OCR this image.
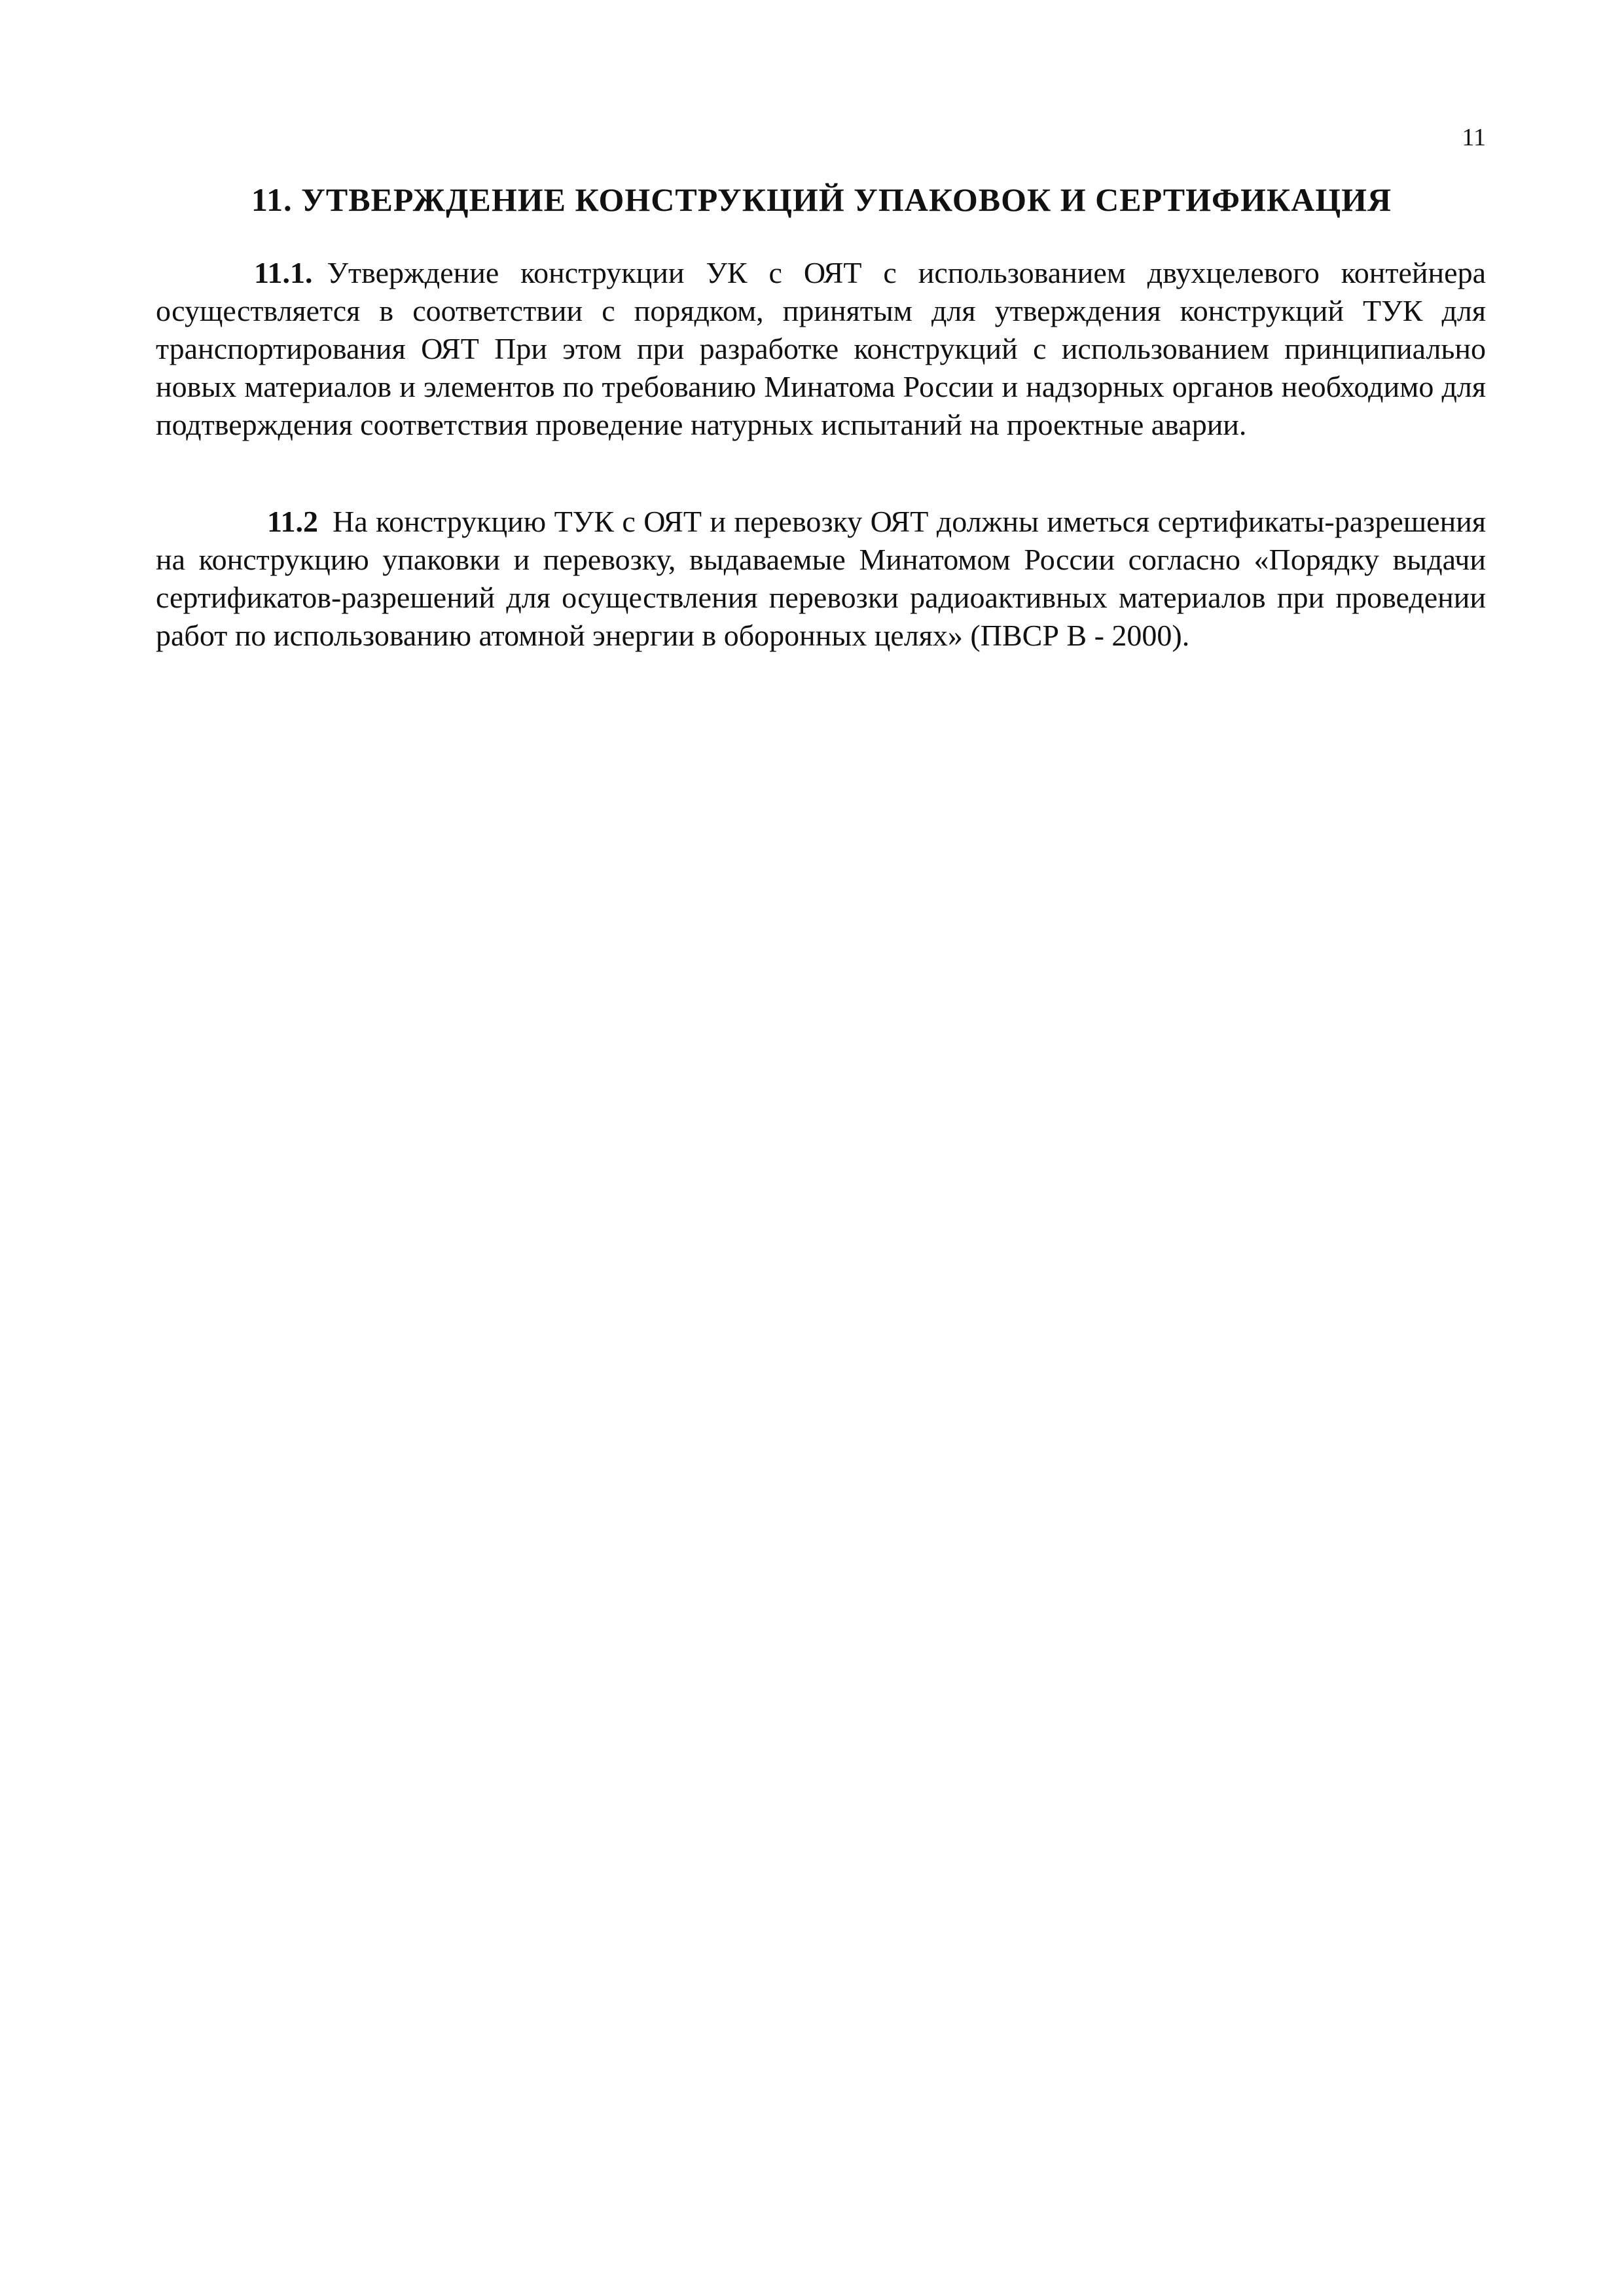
11
11. УТВЕРЖДЕНИЕ КОНСТРУКЦИЙ УПАКОВОК И СЕРТИФИКАЦИЯ

11.1. Утверждение конструкции УК с ОЯТ с использованием двухцелевого контейнера осуществляется в соответствии с порядком, принятым для утверждения конструкций ТУК для транспортирования ОЯТ При этом при разработке конструкций с использованием принципиально новых материалов и элементов по требованию Минатома России и надзорных органов необходимо для подтверждения соответствия проведение натурных испытаний на проектные аварии.

11.2 На конструкцию ТУК с ОЯТ и перевозку ОЯТ должны иметься сертификаты-разрешения на конструкцию упаковки и перевозку, выдаваемые Минатомом России согласно «Порядку выдачи сертификатов-разрешений для осуществления перевозки радиоактивных материалов при проведении работ по использованию атомной энергии в оборонных целях» (ПВСР В - 2000).
